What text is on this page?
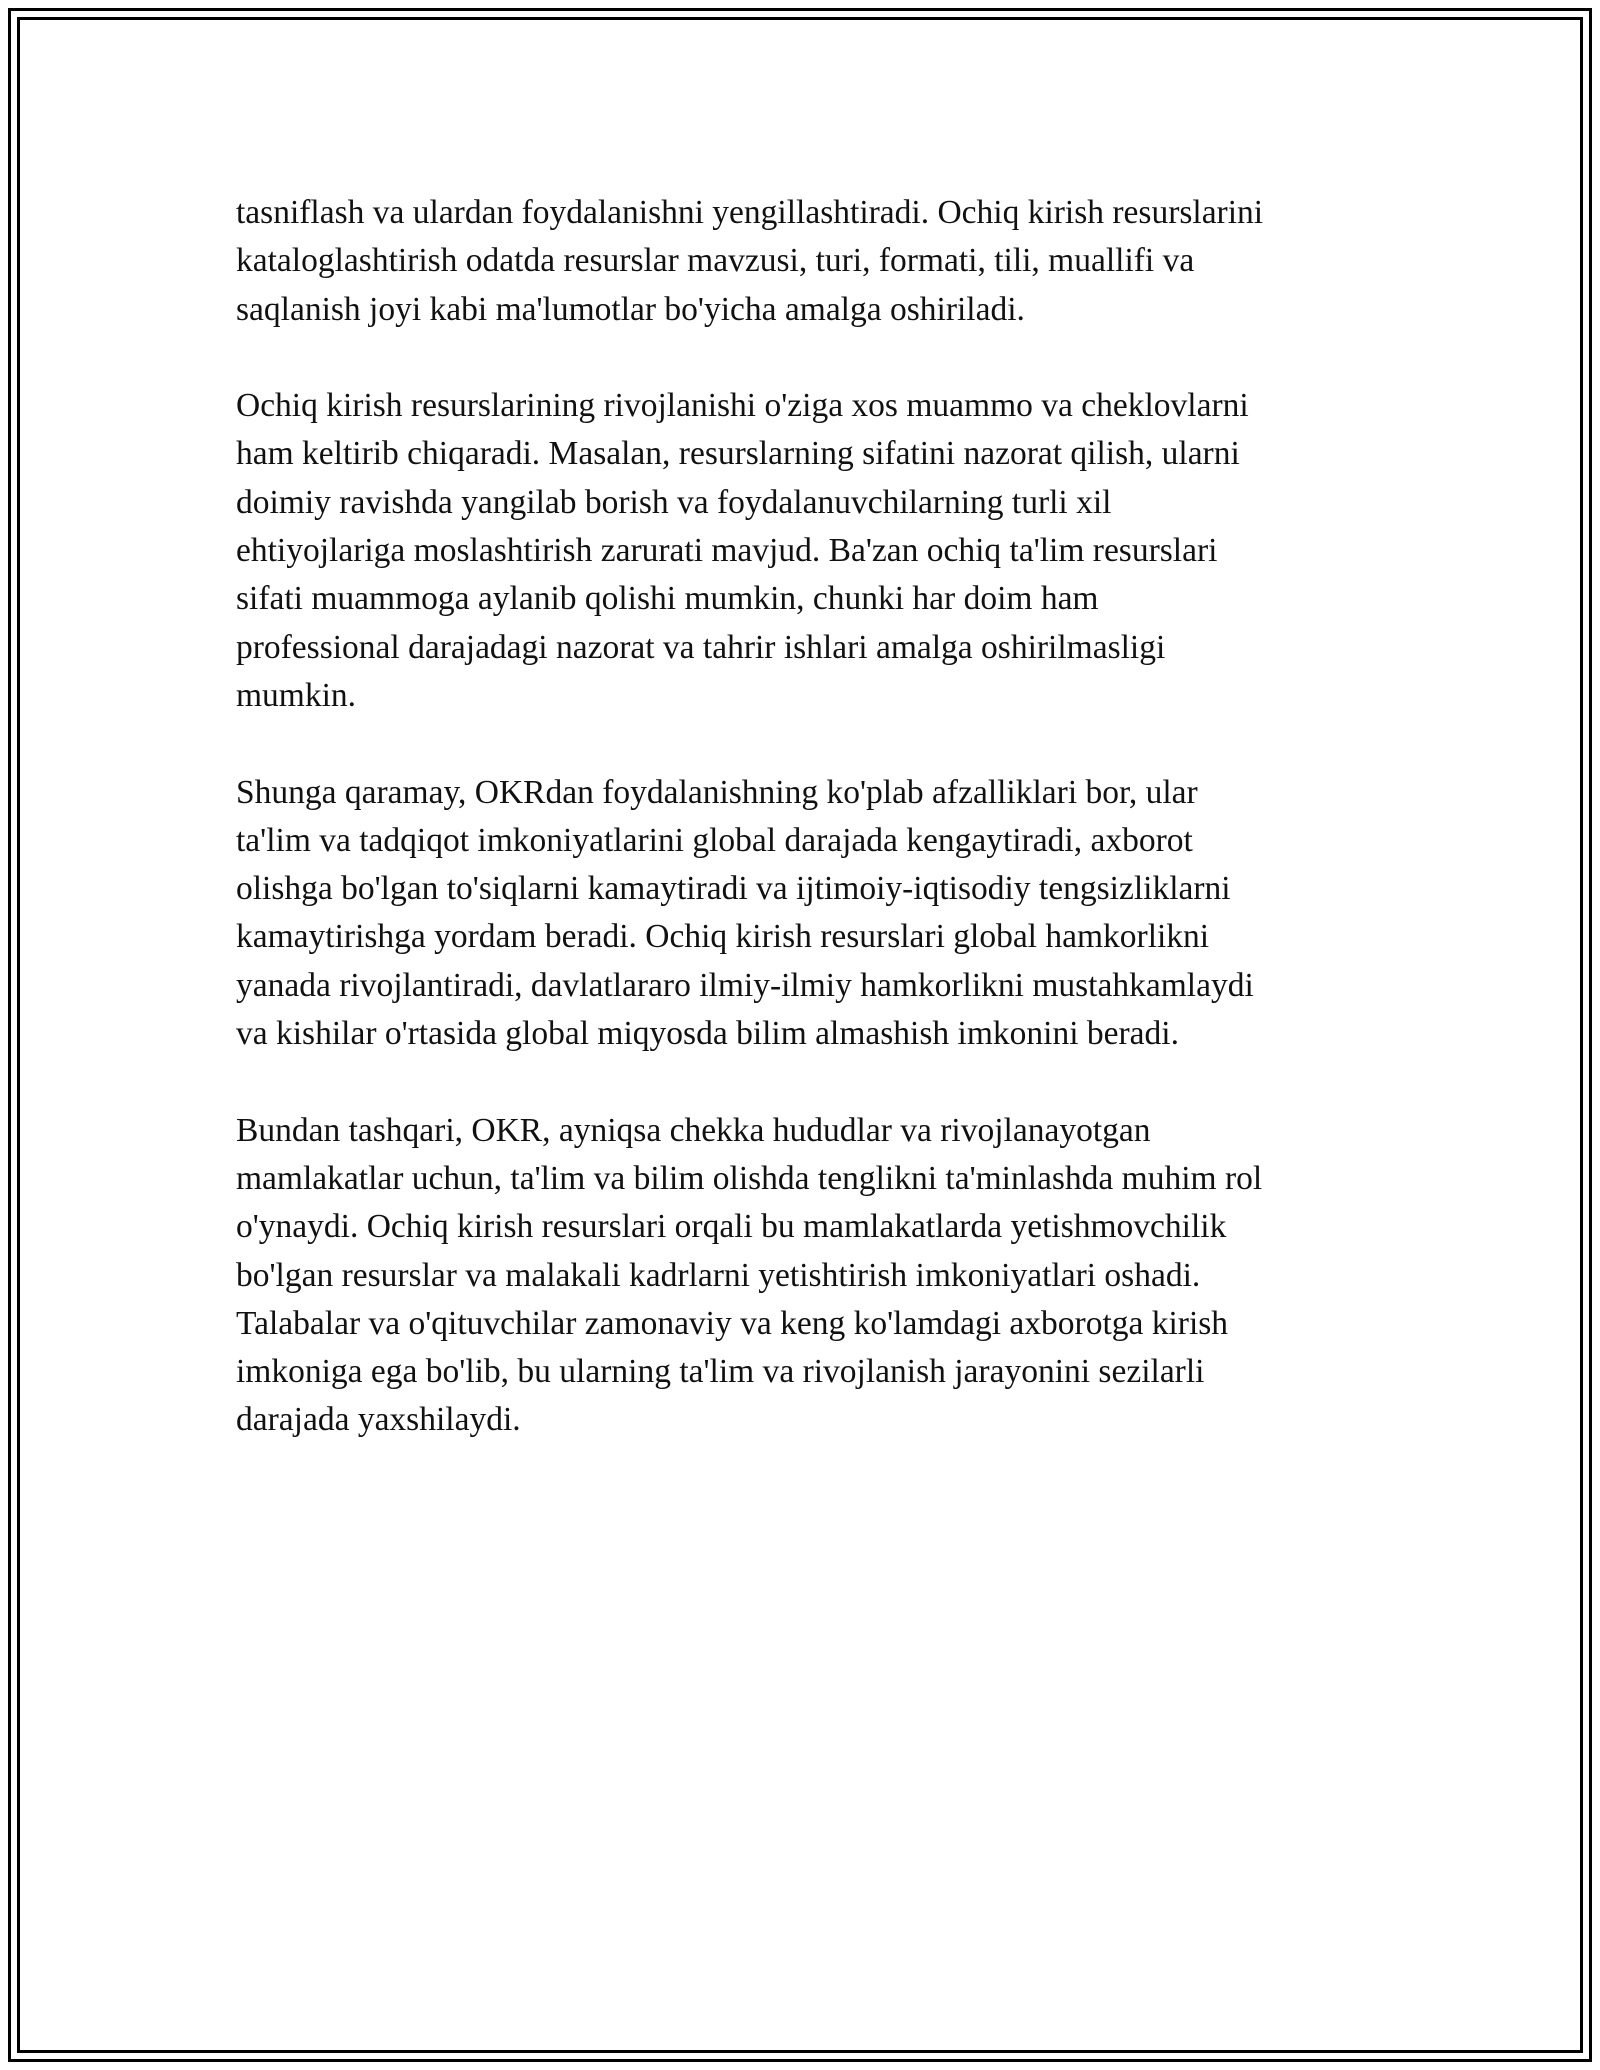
tasniflash va ulardan foydalanishni yengillashtiradi. Ochiq kirish resurslarini
kataloglashtirish odatda resurslar mavzusi, turi, formati, tili, muallifi va
saqlanish joyi kabi ma'lumotlar bo'yicha amalga oshiriladi.
Ochiq kirish resurslarining rivojlanishi o'ziga xos muammo va cheklovlarni
ham keltirib chiqaradi. Masalan, resurslarning sifatini nazorat qilish, ularni
doimiy ravishda yangilab borish va foydalanuvchilarning turli xil
ehtiyojlariga moslashtirish zarurati mavjud. Ba'zan ochiq ta'lim resurslari
sifati muammoga aylanib qolishi mumkin, chunki har doim ham
professional darajadagi nazorat va tahrir ishlari amalga oshirilmasligi
mumkin.
Shunga qaramay, OKRdan foydalanishning ko'plab afzalliklari bor, ular
ta'lim va tadqiqot imkoniyatlarini global darajada kengaytiradi, axborot
olishga bo'lgan to'siqlarni kamaytiradi va ijtimoiy-iqtisodiy tengsizliklarni
kamaytirishga yordam beradi. Ochiq kirish resurslari global hamkorlikni
yanada rivojlantiradi, davlatlararo ilmiy-ilmiy hamkorlikni mustahkamlaydi
va kishilar o'rtasida global miqyosda bilim almashish imkonini beradi.
Bundan tashqari, OKR, ayniqsa chekka hududlar va rivojlanayotgan
mamlakatlar uchun, ta'lim va bilim olishda tenglikni ta'minlashda muhim rol
o'ynaydi. Ochiq kirish resurslari orqali bu mamlakatlarda yetishmovchilik
bo'lgan resurslar va malakali kadrlarni yetishtirish imkoniyatlari oshadi.
Talabalar va o'qituvchilar zamonaviy va keng ko'lamdagi axborotga kirish
imkoniga ega bo'lib, bu ularning ta'lim va rivojlanish jarayonini sezilarli
darajada yaxshilaydi.
